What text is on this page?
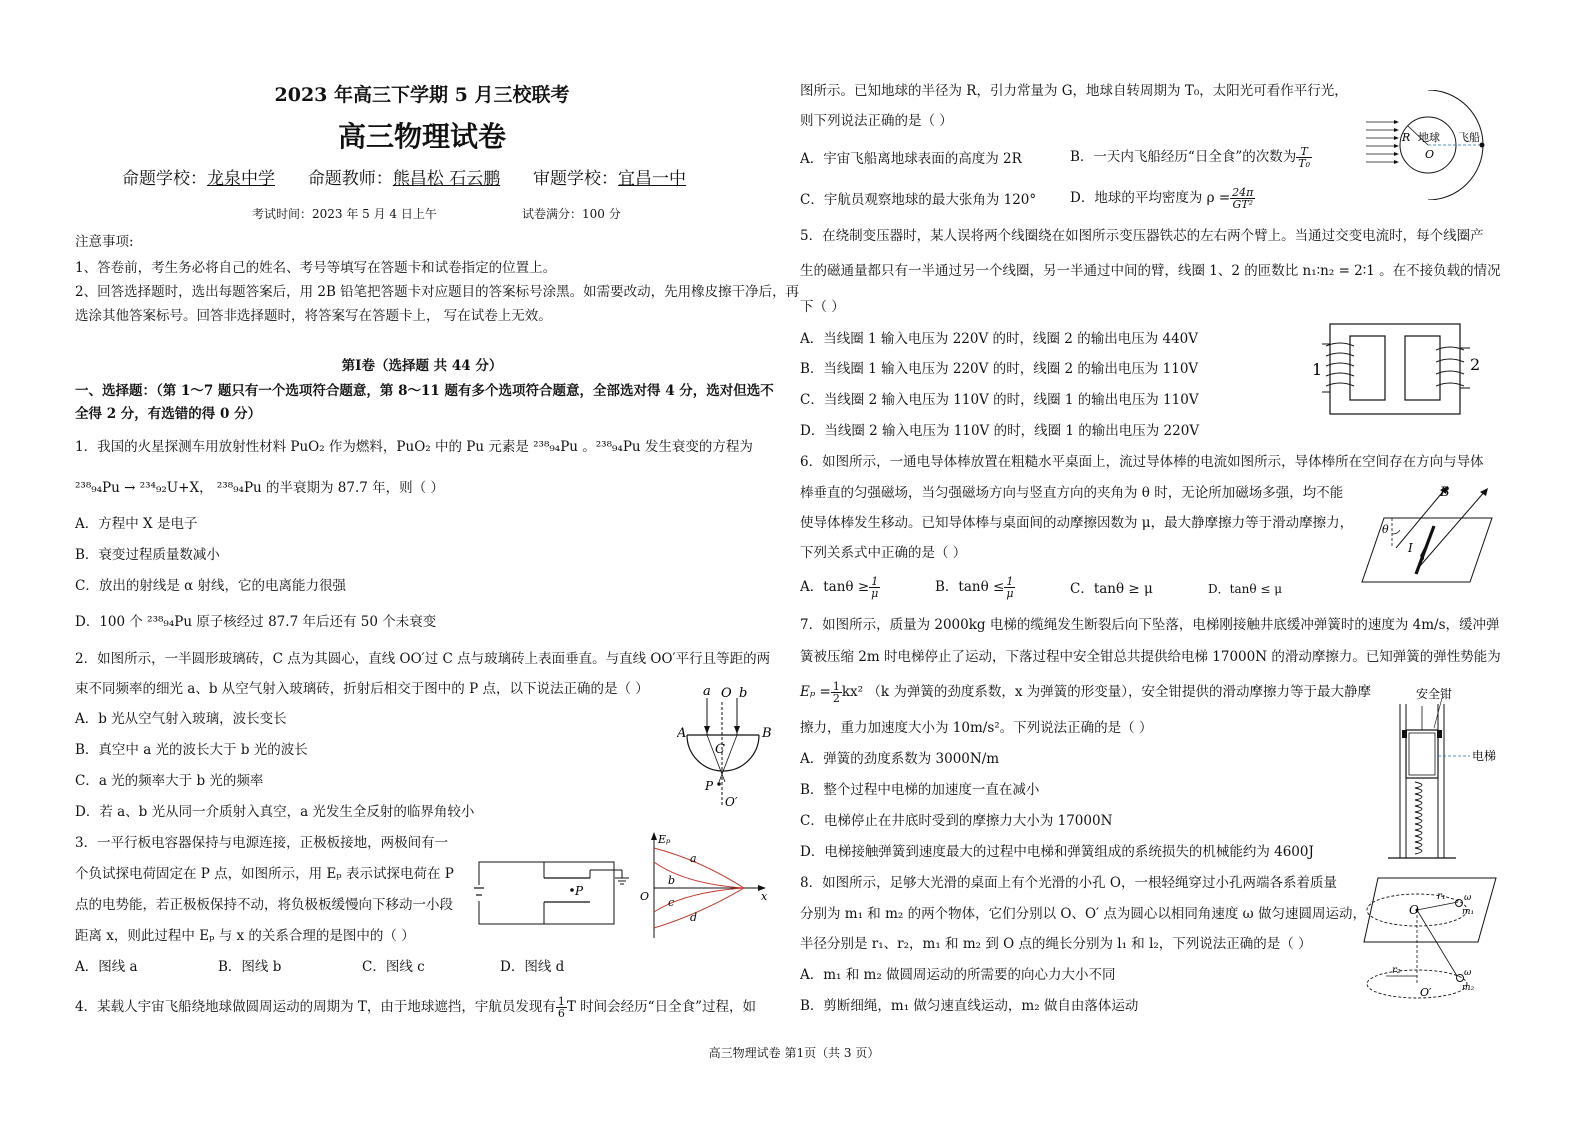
2023 年高三下学期 5 月三校联考
高三物理试卷
命题学校：龙泉中学 命题教师：熊昌松 石云鹏 审题学校：宜昌一中
考试时间：2023 年 5 月 4 日上午	试卷满分：100 分
注意事项:
1、答卷前，考生务必将自己的姓名、考号等填写在答题卡和试卷指定的位置上。
2、回答选择题时，选出每题答案后，用 2B 铅笔把答题卡对应题目的答案标号涂黑。如需要改动，先用橡皮擦干净后，再
选涂其他答案标号。回答非选择题时，将答案写在答题卡上， 写在试卷上无效。
第Ⅰ卷（选择题 共 44 分）
一、选择题：（第 1～7 题只有一个选项符合题意，第 8～11 题有多个选项符合题意，全部选对得 4 分，选对但选不
全得 2 分，有选错的得 0 分）
1．我国的火星探测车用放射性材料 PuO₂ 作为燃料，PuO₂ 中的 Pu 元素是 ²³⁸₉₄Pu 。²³⁸₉₄Pu 发生衰变的方程为
²³⁸₉₄Pu → ²³⁴₉₂U+X， ²³⁸₉₄Pu 的半衰期为 87.7 年，则（ ）
A．方程中 X 是电子
B．衰变过程质量数减小
C．放出的射线是 α 射线，它的电离能力很强
D．100 个 ²³⁸₉₄Pu 原子核经过 87.7 年后还有 50 个未衰变
2．如图所示，一半圆形玻璃砖，C 点为其圆心，直线 OO′过 C 点与玻璃砖上表面垂直。与直线 OO′平行且等距的两
束不同频率的细光 a、b 从空气射入玻璃砖，折射后相交于图中的 P 点，以下说法正确的是（ ）
A．b 光从空气射入玻璃，波长变长
B．真空中 a 光的波长大于 b 光的波长
C．a 光的频率大于 b 光的频率
D．若 a、b 光从同一介质射入真空，a 光发生全反射的临界角较小
a O b
A	B
C
P
O′
3．一平行板电容器保持与电源连接，正极板接地，两极间有一
个负试探电荷固定在 P 点，如图所示，用 Eₚ 表示试探电荷在 P
点的电势能，若正极板保持不动，将负极板缓慢向下移动一小段
距离 x，则此过程中 Eₚ 与 x 的关系合理的是图中的（ ）
A．图线 a	B．图线 b	C．图线 c	D．图线 d
P
Eₚ
O	x
a
b
c
d
4．某载人宇宙飞船绕地球做圆周运动的周期为 T，由于地球遮挡，宇航员发现有 $\frac{1}{6}$ T 时间会经历“日全食”过程，如
图所示。已知地球的半径为 R，引力常量为 G，地球自转周期为 T₀，太阳光可看作平行光，
则下列说法正确的是（ ）
A．宇宙飞船离地球表面的高度为 2R	B．一天内飞船经历“日全食”的次数为 $\frac{T}{\text{T₀}}$
C．宇航员观察地球的最大张角为 120°	D．地球的平均密度为 $\rho = \frac{24\pi}{\text{GT²}}$
R 地球
O
飞船
5．在绕制变压器时，某人误将两个线圈绕在如图所示变压器铁芯的左右两个臂上。当通过交变电流时，每个线圈产
生的磁通量都只有一半通过另一个线圈，另一半通过中间的臂，线圈 1、2 的匝数比 n₁∶n₂ = 2∶1 。在不接负载的情况
下（ ）
A．当线圈 1 输入电压为 220V 的时，线圈 2 的输出电压为 440V
B．当线圈 1 输入电压为 220V 的时，线圈 2 的输出电压为 110V
C．当线圈 2 输入电压为 110V 的时，线圈 1 的输出电压为 110V
D．当线圈 2 输入电压为 110V 的时，线圈 1 的输出电压为 220V
1	2
6．如图所示，一通电导体棒放置在粗糙水平桌面上，流过导体棒的电流如图所示，导体棒所在空间存在方向与导体
棒垂直的匀强磁场，当匀强磁场方向与竖直方向的夹角为 θ 时，无论所加磁场多强，均不能
使导体棒发生移动。已知导体棒与桌面间的动摩擦因数为 μ，最大静摩擦力等于滑动摩擦力，
下列关系式中正确的是（ ）
A．$\tan\theta \ge \frac{1}{\mu}$	B．$\tan\theta \le \frac{1}{\mu}$	C．tanθ ≥ μ	D．tanθ ≤ μ
B
θ
I
7．如图所示，质量为 2000kg 电梯的缆绳发生断裂后向下坠落，电梯刚接触井底缓冲弹簧时的速度为 4m/s，缓冲弹
簧被压缩 2m 时电梯停止了运动，下落过程中安全钳总共提供给电梯 17000N 的滑动摩擦力。已知弹簧的弹性势能为
$E_p = \frac{1}{2} kx^2$ （k 为弹簧的劲度系数，x 为弹簧的形变量），安全钳提供的滑动摩擦力等于最大静摩
擦力，重力加速度大小为 10m/s²。下列说法正确的是（ ）
A．弹簧的劲度系数为 3000N/m
B．整个过程中电梯的加速度一直在减小
C．电梯停止在井底时受到的摩擦力大小为 17000N
D．电梯接触弹簧到速度最大的过程中电梯和弹簧组成的系统损失的机械能约为 4600J
安全钳
电梯
8．如图所示，足够大光滑的桌面上有个光滑的小孔 O，一根轻绳穿过小孔两端各系着质量
分别为 m₁ 和 m₂ 的两个物体，它们分别以 O、O′ 点为圆心以相同角速度 ω 做匀速圆周运动，
半径分别是 r₁、r₂，m₁ 和 m₂ 到 O 点的绳长分别为 l₁ 和 l₂，下列说法正确的是（ ）
A．m₁ 和 m₂ 做圆周运动的所需要的向心力大小不同
B．剪断细绳，m₁ 做匀速直线运动，m₂ 做自由落体运动
O
r₁
m₁
ω
r₂
O′	m₂
ω
高三物理试卷 第1页（共 3 页）
